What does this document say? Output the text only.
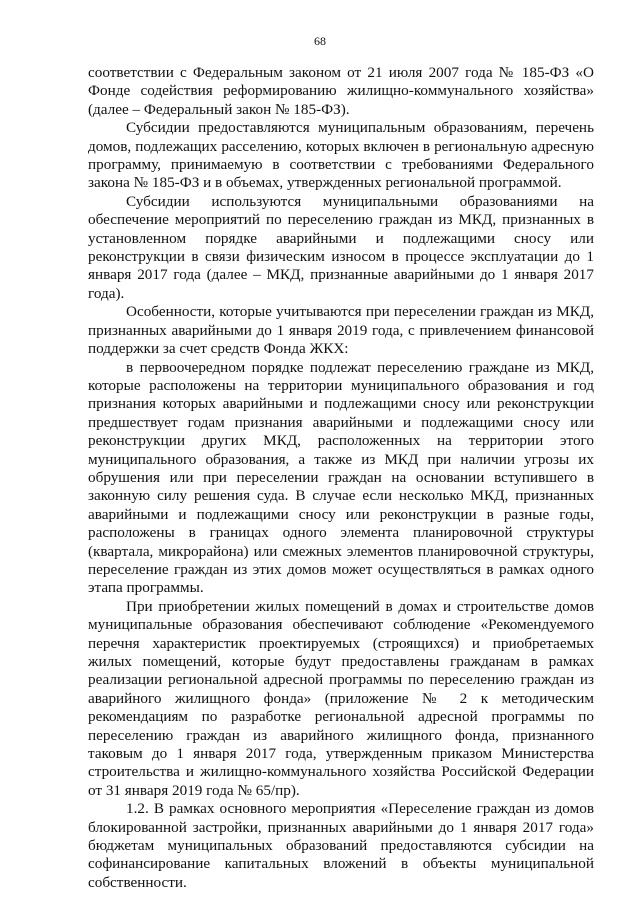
68

соответствии с Федеральным законом от 21 июля 2007 года № 185-ФЗ «О Фонде содействия реформированию жилищно-коммунального хозяйства» (далее – Федеральный закон № 185-ФЗ).

Субсидии предоставляются муниципальным образованиям, перечень домов, подлежащих расселению, которых включен в региональную адресную программу, принимаемую в соответствии с требованиями Федерального закона № 185-ФЗ и в объемах, утвержденных региональной программой.

Субсидии используются муниципальными образованиями на обеспечение мероприятий по переселению граждан из МКД, признанных в установленном порядке аварийными и подлежащими сносу или реконструкции в связи физическим износом в процессе эксплуатации до 1 января 2017 года (далее – МКД, признанные аварийными до 1 января 2017 года).

Особенности, которые учитываются при переселении граждан из МКД, признанных аварийными до 1 января 2019 года, с привлечением финансовой поддержки за счет средств Фонда ЖКХ:

в первоочередном порядке подлежат переселению граждане из МКД, которые расположены на территории муниципального образования и год признания которых аварийными и подлежащими сносу или реконструкции предшествует годам признания аварийными и подлежащими сносу или реконструкции других МКД, расположенных на территории этого муниципального образования, а также из МКД при наличии угрозы их обрушения или при переселении граждан на основании вступившего в законную силу решения суда. В случае если несколько МКД, признанных аварийными и подлежащими сносу или реконструкции в разные годы, расположены в границах одного элемента планировочной структуры (квартала, микрорайона) или смежных элементов планировочной структуры, переселение граждан из этих домов может осуществляться в рамках одного этапа программы.

При приобретении жилых помещений в домах и строительстве домов муниципальные образования обеспечивают соблюдение «Рекомендуемого перечня характеристик проектируемых (строящихся) и приобретаемых жилых помещений, которые будут предоставлены гражданам в рамках реализации региональной адресной программы по переселению граждан из аварийного жилищного фонда» (приложение № 2 к методическим рекомендациям по разработке региональной адресной программы по переселению граждан из аварийного жилищного фонда, признанного таковым до 1 января 2017 года, утвержденным приказом Министерства строительства и жилищно-коммунального хозяйства Российской Федерации от 31 января 2019 года № 65/пр).

1.2. В рамках основного мероприятия «Переселение граждан из домов блокированной застройки, признанных аварийными до 1 января 2017 года» бюджетам муниципальных образований предоставляются субсидии на софинансирование капитальных вложений в объекты муниципальной собственности.
